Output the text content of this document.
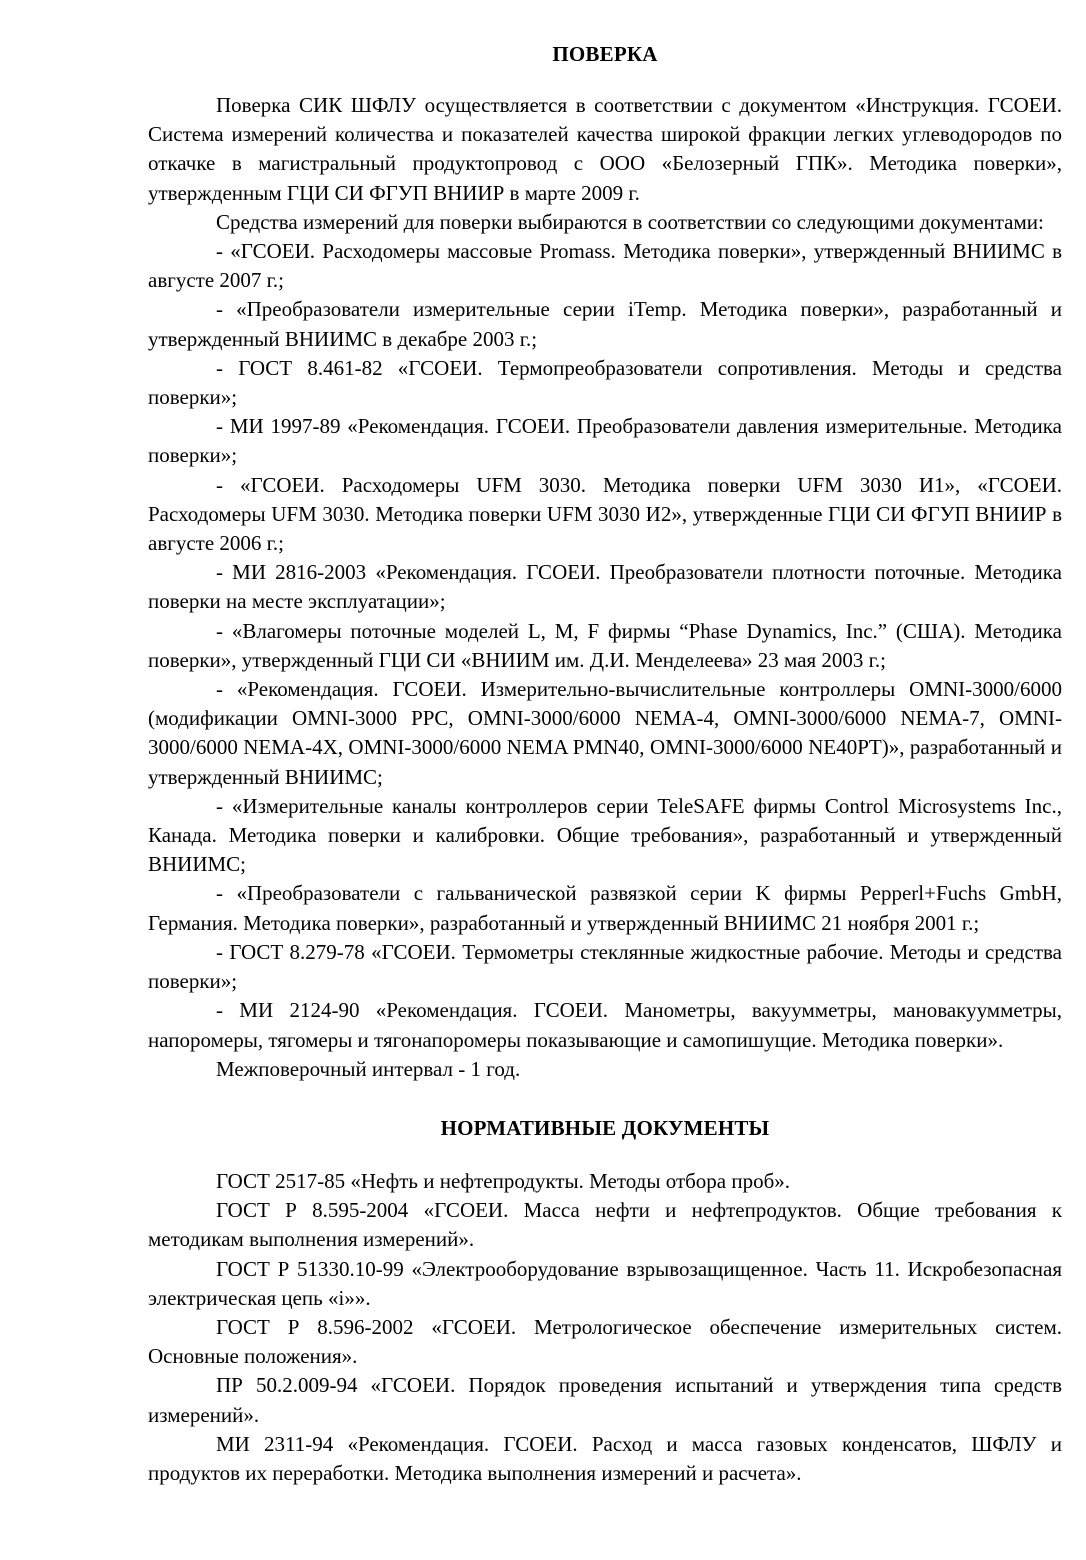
ПОВЕРКА

Поверка СИК ШФЛУ осуществляется в соответствии с документом «Инструкция. ГСОЕИ. Система измерений количества и показателей качества широкой фракции легких углеводородов по откачке в магистральный продуктопровод с ООО «Белозерный ГПК». Методика поверки», утвержденным ГЦИ СИ ФГУП ВНИИР в марте 2009 г.

Средства измерений для поверки выбираются в соответствии со следующими документами:

- «ГСОЕИ. Расходомеры массовые Promass. Методика поверки», утвержденный ВНИИМС в августе 2007 г.;

- «Преобразователи измерительные серии iTemp. Методика поверки», разработанный и утвержденный ВНИИМС в декабре 2003 г.;

- ГОСТ 8.461-82 «ГСОЕИ. Термопреобразователи сопротивления. Методы и средства поверки»;

- МИ 1997-89 «Рекомендация. ГСОЕИ. Преобразователи давления измерительные. Методика поверки»;

- «ГСОЕИ. Расходомеры UFM 3030. Методика поверки UFM 3030 И1», «ГСОЕИ. Расходомеры UFM 3030. Методика поверки UFM 3030 И2», утвержденные ГЦИ СИ ФГУП ВНИИР в августе 2006 г.;

- МИ 2816-2003 «Рекомендация. ГСОЕИ. Преобразователи плотности поточные. Методика поверки на месте эксплуатации»;

- «Влагомеры поточные моделей L, M, F фирмы “Phase Dynamics, Inc.” (США). Методика поверки», утвержденный ГЦИ СИ «ВНИИМ им. Д.И. Менделеева» 23 мая 2003 г.;

- «Рекомендация. ГСОЕИ. Измерительно-вычислительные контроллеры OMNI-3000/6000 (модификации OMNI-3000 PPC, OMNI-3000/6000 NEMA-4, OMNI-3000/6000 NEMA-7, OMNI-3000/6000 NEMA-4X, OMNI-3000/6000 NEMA PMN40, OMNI-3000/6000 NE40PT)», разработанный и утвержденный ВНИИМС;

- «Измерительные каналы контроллеров серии TeleSAFE фирмы Control Microsystems Inc., Канада. Методика поверки и калибровки. Общие требования», разработанный и утвержденный ВНИИМС;

- «Преобразователи с гальванической развязкой серии K фирмы Pepperl+Fuchs GmbH, Германия. Методика поверки», разработанный и утвержденный ВНИИМС 21 ноября 2001 г.;

- ГОСТ 8.279-78 «ГСОЕИ. Термометры стеклянные жидкостные рабочие. Методы и средства поверки»;

- МИ 2124-90 «Рекомендация. ГСОЕИ. Манометры, вакуумметры, мановакуумметры, напоромеры, тягомеры и тягонапоромеры показывающие и самопишущие. Методика поверки».

Межповерочный интервал - 1 год.

НОРМАТИВНЫЕ ДОКУМЕНТЫ

ГОСТ 2517-85 «Нефть и нефтепродукты. Методы отбора проб».

ГОСТ Р 8.595-2004 «ГСОЕИ. Масса нефти и нефтепродуктов. Общие требования к методикам выполнения измерений».

ГОСТ Р 51330.10-99 «Электрооборудование взрывозащищенное. Часть 11. Искробезопасная электрическая цепь «i»».

ГОСТ Р 8.596-2002 «ГСОЕИ. Метрологическое обеспечение измерительных систем. Основные положения».

ПР 50.2.009-94 «ГСОЕИ. Порядок проведения испытаний и утверждения типа средств измерений».

МИ 2311-94 «Рекомендация. ГСОЕИ. Расход и масса газовых конденсатов, ШФЛУ и продуктов их переработки. Методика выполнения измерений и расчета».
